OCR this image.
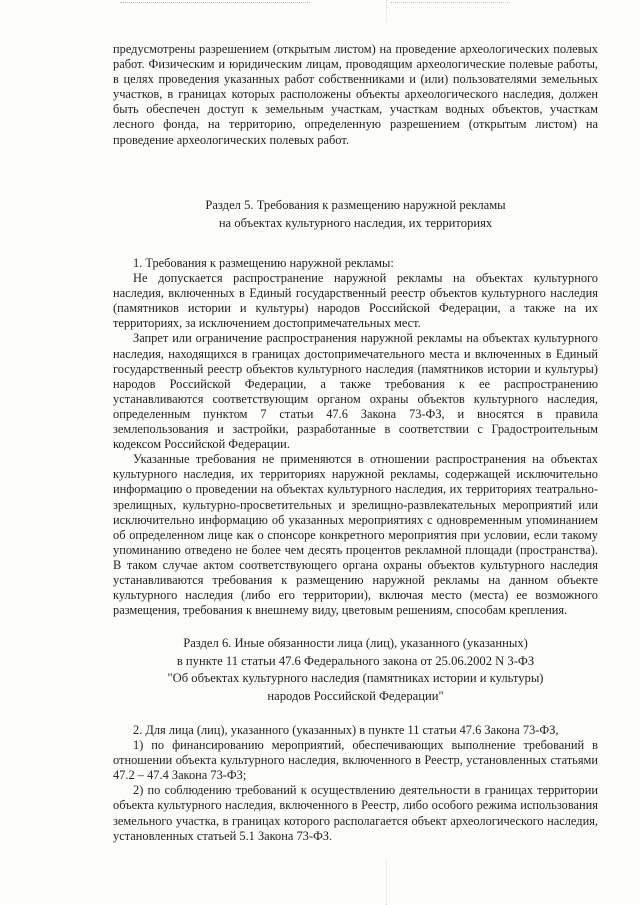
предусмотрены разрешением (открытым листом) на проведение археологических полевых работ. Физическим и юридическим лицам, проводящим археологические полевые работы, в целях проведения указанных работ собственниками и (или) пользователями земельных участков, в границах которых расположены объекты археологического наследия, должен быть обеспечен доступ к земельным участкам, участкам водных объектов, участкам лесного фонда, на территорию, определенную разрешением (открытым листом) на проведение археологических полевых работ.

Раздел 5. Требования к размещению наружной рекламы

на объектах культурного наследия, их территориях

1. Требования к размещению наружной рекламы:

Не допускается распространение наружной рекламы на объектах культурного наследия, включенных в Единый государственный реестр объектов культурного наследия (памятников истории и культуры) народов Российской Федерации, а также на их территориях, за исключением достопримечательных мест.

Запрет или ограничение распространения наружной рекламы на объектах культурного наследия, находящихся в границах достопримечательного места и включенных в Единый государственный реестр объектов культурного наследия (памятников истории и культуры) народов Российской Федерации, а также требования к ее распространению устанавливаются соответствующим органом охраны объектов культурного наследия, определенным пунктом 7 статьи 47.6 Закона 73-ФЗ, и вносятся в правила землепользования и застройки, разработанные в соответствии с Градостроительным кодексом Российской Федерации.

Указанные требования не применяются в отношении распространения на объектах культурного наследия, их территориях наружной рекламы, содержащей исключительно информацию о проведении на объектах культурного наследия, их территориях театрально-зрелищных, культурно-просветительных и зрелищно-развлекательных мероприятий или исключительно информацию об указанных мероприятиях с одновременным упоминанием об определенном лице как о спонсоре конкретного мероприятия при условии, если такому упоминанию отведено не более чем десять процентов рекламной площади (пространства). В таком случае актом соответствующего органа охраны объектов культурного наследия устанавливаются требования к размещению наружной рекламы на данном объекте культурного наследия (либо его территории), включая место (места) ее возможного размещения, требования к внешнему виду, цветовым решениям, способам крепления.

Раздел 6. Иные обязанности лица (лиц), указанного (указанных)

в пункте 11 статьи 47.6 Федерального закона от 25.06.2002 N 3-ФЗ

"Об объектах культурного наследия (памятниках истории и культуры)

народов Российской Федерации"

2. Для лица (лиц), указанного (указанных) в пункте 11 статьи 47.6 Закона 73-ФЗ,

1) по финансированию мероприятий, обеспечивающих выполнение требований в отношении объекта культурного наследия, включенного в Реестр, установленных статьями 47.2 – 47.4 Закона 73-ФЗ;

2) по соблюдению требований к осуществлению деятельности в границах территории объекта культурного наследия, включенного в Реестр, либо особого режима использования земельного участка, в границах которого располагается объект археологического наследия, установленных статьей 5.1 Закона 73-ФЗ.
